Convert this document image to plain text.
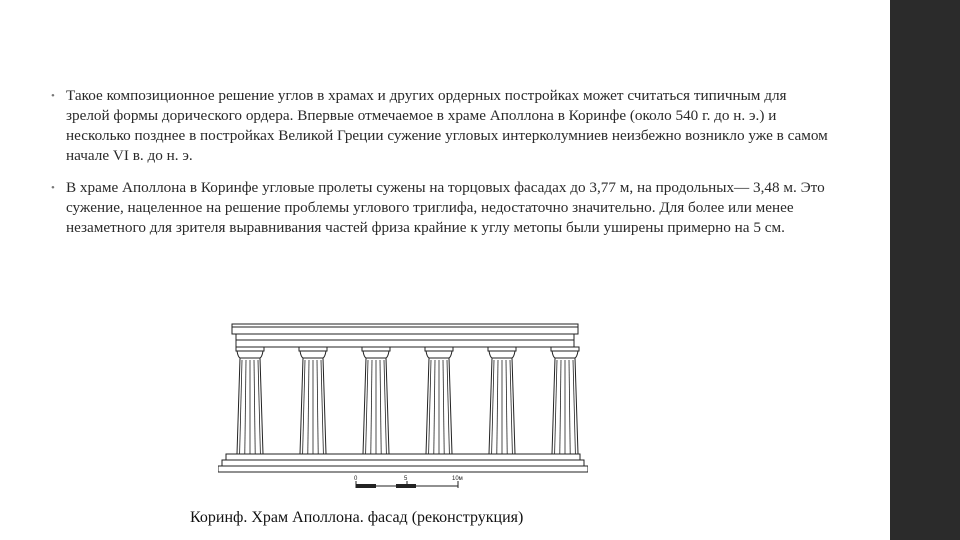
• Такое композиционное решение углов в храмах и других ордерных постройках может считаться типичным для зрелой формы дорического ордера. Впервые отмечаемое в храме Аполлона в Коринфе (около 540 г. до н. э.) и несколько позднее в постройках Великой Греции сужение угловых интерколумниев неизбежно возникло уже в самом начале VI в. до н. э.
• В храме Аполлона в Коринфе угловые пролеты сужены на торцовых фасадах до 3,77 м, на продольных— 3,48 м. Это сужение, нацеленное на решение проблемы углового триглифа, недостаточно значительно. Для более или менее незаметного для зрителя выравнивания частей фриза крайние к углу метопы были уширены примерно на 5 см.
0	5	10м
Коринф. Храм Аполлона. фасад (реконструкция)
